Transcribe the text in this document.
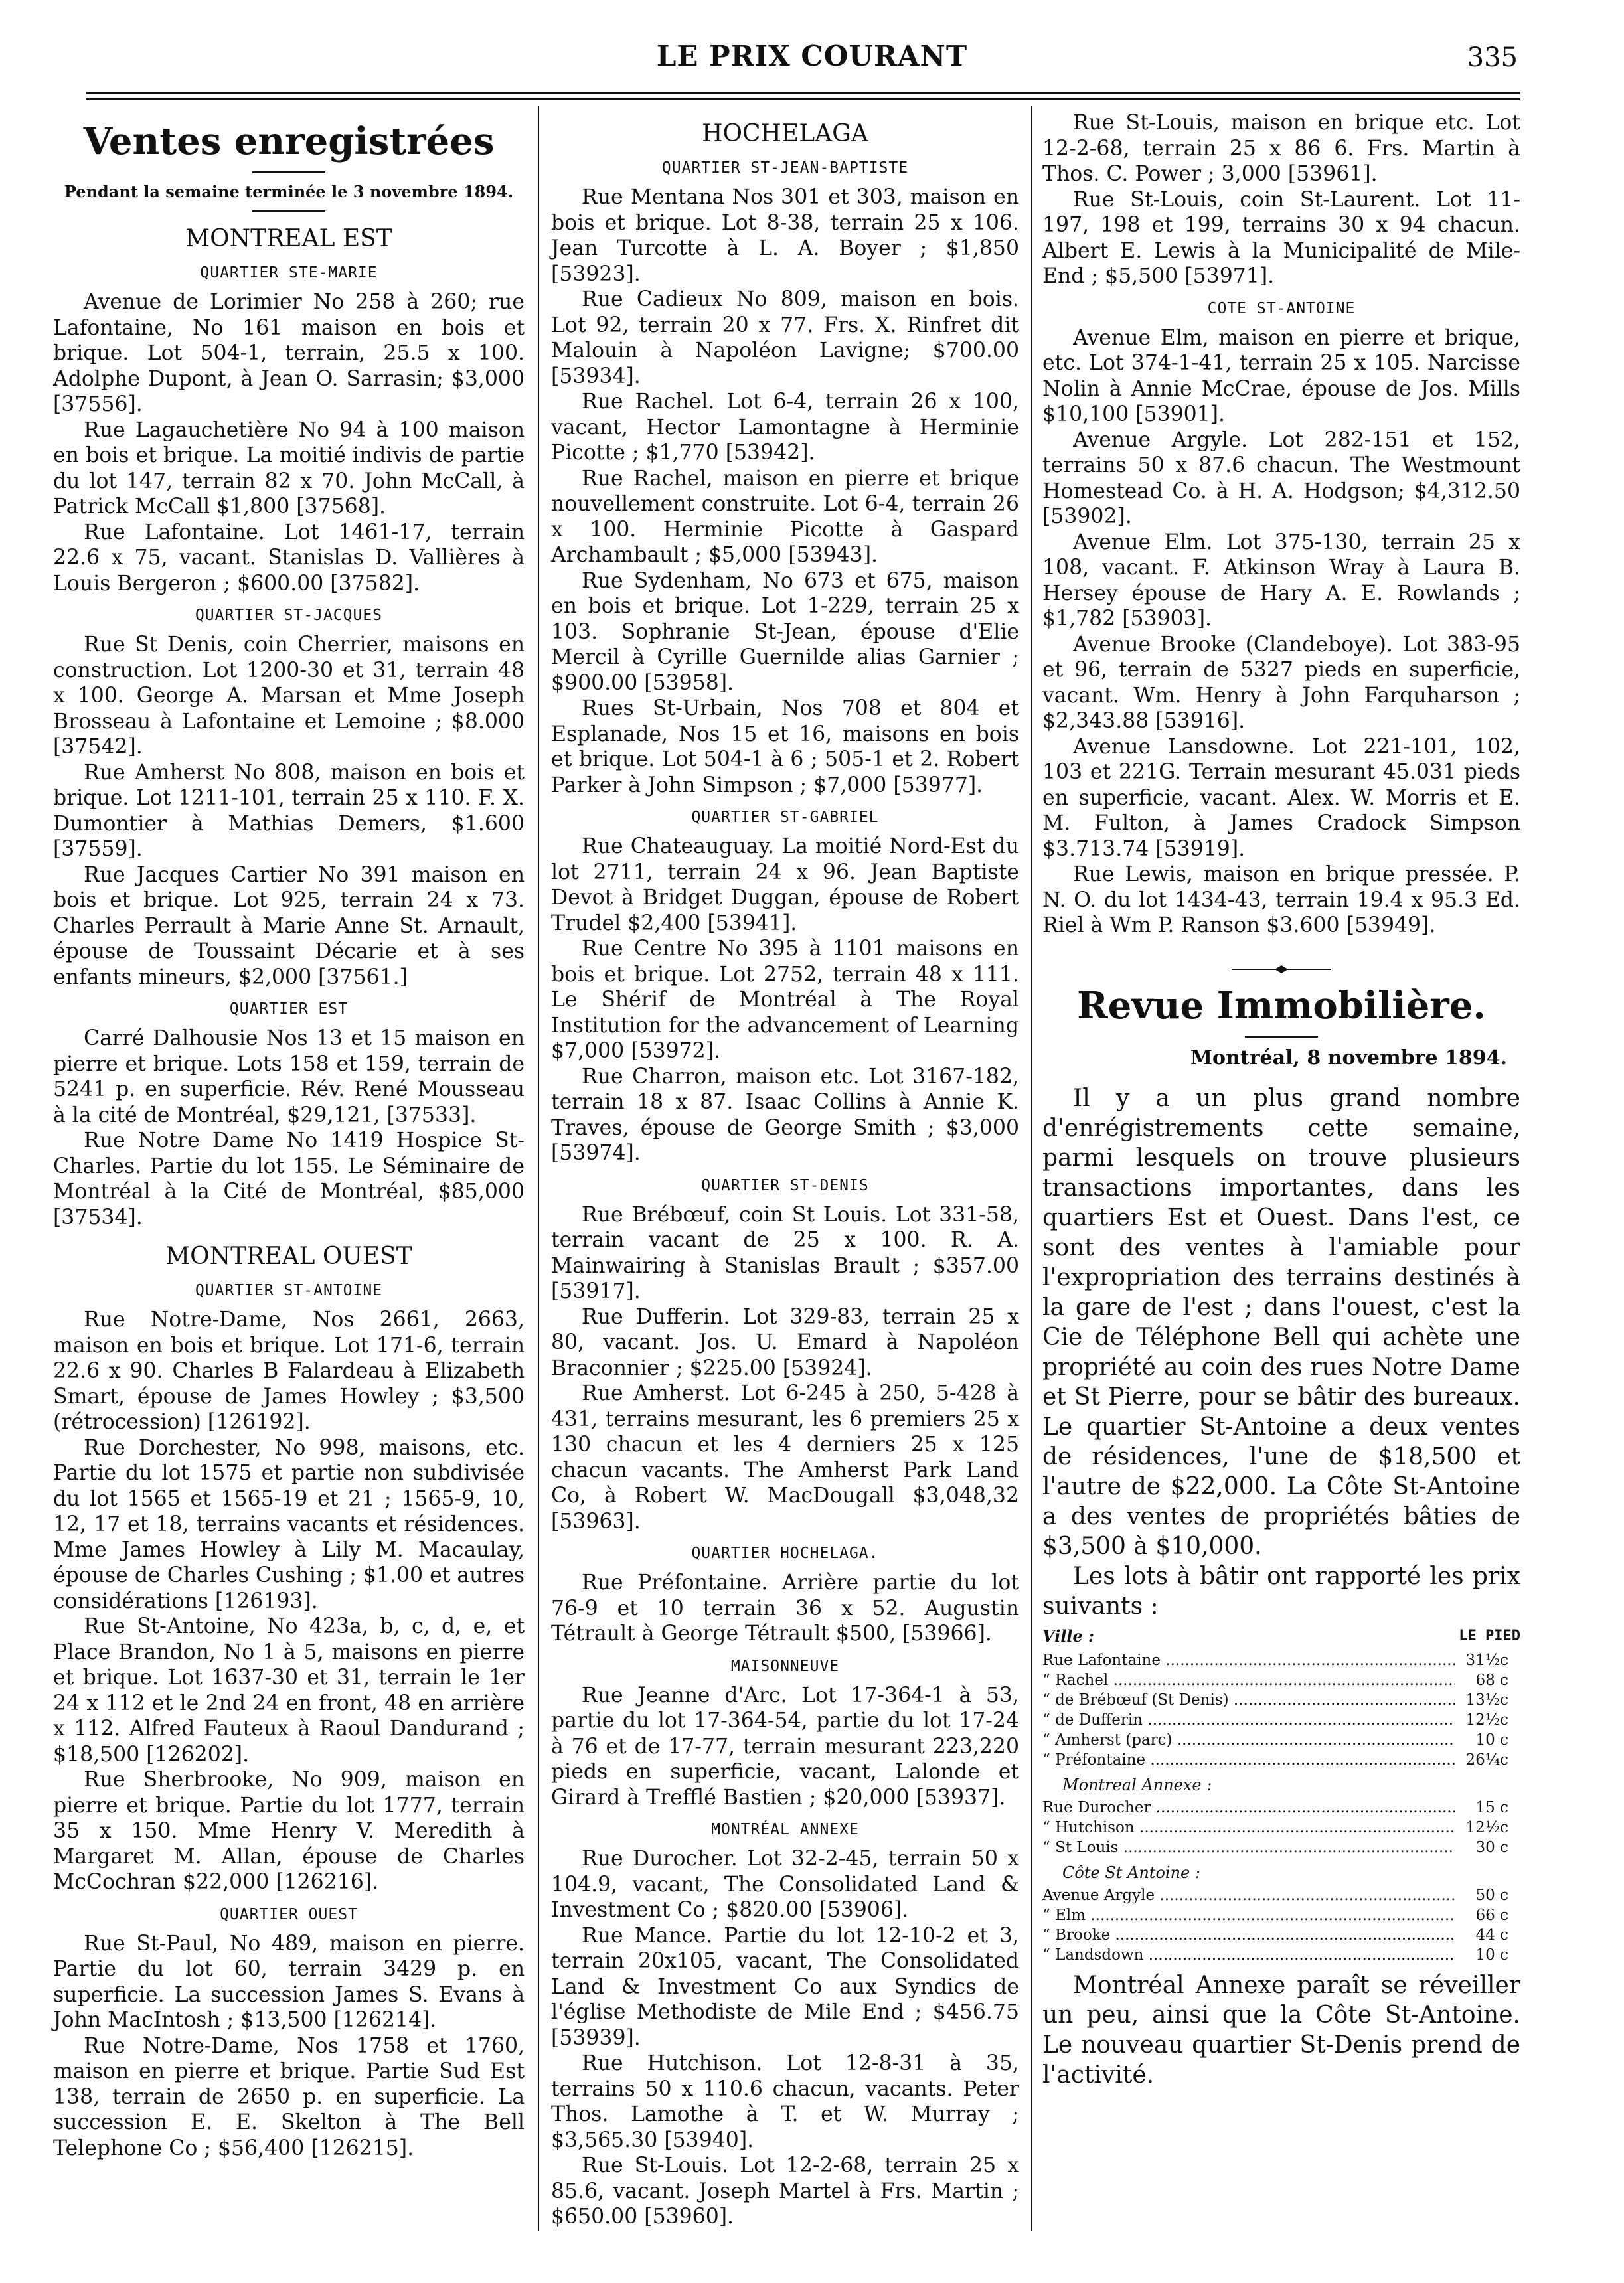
LE PRIX COURANT	335
Ventes enregistrées
Pendant la semaine terminée le 3 novembre 1894.
MONTREAL EST
QUARTIER STE-MARIE

Avenue de Lorimier No 258 à 260; rue Lafontaine, No 161 maison en bois et brique. Lot 504-1, terrain, 25.5 x 100. Adolphe Dupont, à Jean O. Sarrasin; $3,000 [37556].

Rue Lagauchetière No 94 à 100 maison en bois et brique. La moitié indivis de partie du lot 147, terrain 82 x 70. John McCall, à Patrick McCall $1,800 [37568].

Rue Lafontaine. Lot 1461-17, terrain 22.6 x 75, vacant. Stanislas D. Vallières à Louis Bergeron ; $600.00 [37582].

QUARTIER ST-JACQUES

Rue St Denis, coin Cherrier, maisons en construction. Lot 1200-30 et 31, terrain 48 x 100. George A. Marsan et Mme Joseph Brosseau à Lafontaine et Lemoine ; $8.000 [37542].

Rue Amherst No 808, maison en bois et brique. Lot 1211-101, terrain 25 x 110. F. X. Dumontier à Mathias Demers, $1.600 [37559].

Rue Jacques Cartier No 391 maison en bois et brique. Lot 925, terrain 24 x 73. Charles Perrault à Marie Anne St. Arnault, épouse de Toussaint Décarie et à ses enfants mineurs, $2,000 [37561.]

QUARTIER EST

Carré Dalhousie Nos 13 et 15 maison en pierre et brique. Lots 158 et 159, terrain de 5241 p. en superficie. Rév. René Mousseau à la cité de Montréal, $29,121, [37533].

Rue Notre Dame No 1419 Hospice St-Charles. Partie du lot 155. Le Séminaire de Montréal à la Cité de Montréal, $85,000 [37534].

MONTREAL OUEST
QUARTIER ST-ANTOINE

Rue Notre-Dame, Nos 2661, 2663, maison en bois et brique. Lot 171-6, terrain 22.6 x 90. Charles B Falardeau à Elizabeth Smart, épouse de James Howley ; $3,500 (rétrocession) [126192].

Rue Dorchester, No 998, maisons, etc. Partie du lot 1575 et partie non subdivisée du lot 1565 et 1565-19 et 21 ; 1565-9, 10, 12, 17 et 18, terrains vacants et résidences. Mme James Howley à Lily M. Macaulay, épouse de Charles Cushing ; $1.00 et autres considérations [126193].

Rue St-Antoine, No 423a, b, c, d, e, et Place Brandon, No 1 à 5, maisons en pierre et brique. Lot 1637-30 et 31, terrain le 1er 24 x 112 et le 2nd 24 en front, 48 en arrière x 112. Alfred Fauteux à Raoul Dandurand ; $18,500 [126202].

Rue Sherbrooke, No 909, maison en pierre et brique. Partie du lot 1777, terrain 35 x 150. Mme Henry V. Meredith à Margaret M. Allan, épouse de Charles McCochran $22,000 [126216].

QUARTIER OUEST

Rue St-Paul, No 489, maison en pierre. Partie du lot 60, terrain 3429 p. en superficie. La succession James S. Evans à John MacIntosh ; $13,500 [126214].

Rue Notre-Dame, Nos 1758 et 1760, maison en pierre et brique. Partie Sud Est 138, terrain de 2650 p. en superficie. La succession E. E. Skelton à The Bell Telephone Co ; $56,400 [126215].

HOCHELAGA
QUARTIER ST-JEAN-BAPTISTE

Rue Mentana Nos 301 et 303, maison en bois et brique. Lot 8-38, terrain 25 x 106. Jean Turcotte à L. A. Boyer ; $1,850 [53923].

Rue Cadieux No 809, maison en bois. Lot 92, terrain 20 x 77. Frs. X. Rinfret dit Malouin à Napoléon Lavigne; $700.00 [53934].

Rue Rachel. Lot 6-4, terrain 26 x 100, vacant, Hector Lamontagne à Herminie Picotte ; $1,770 [53942].

Rue Rachel, maison en pierre et brique nouvellement construite. Lot 6-4, terrain 26 x 100. Herminie Picotte à Gaspard Archambault ; $5,000 [53943].

Rue Sydenham, No 673 et 675, maison en bois et brique. Lot 1-229, terrain 25 x 103. Sophranie St-Jean, épouse d'Elie Mercil à Cyrille Guernilde alias Garnier ; $900.00 [53958].

Rues St-Urbain, Nos 708 et 804 et Esplanade, Nos 15 et 16, maisons en bois et brique. Lot 504-1 à 6 ; 505-1 et 2. Robert Parker à John Simpson ; $7,000 [53977].

QUARTIER ST-GABRIEL

Rue Chateauguay. La moitié Nord-Est du lot 2711, terrain 24 x 96. Jean Baptiste Devot à Bridget Duggan, épouse de Robert Trudel $2,400 [53941].

Rue Centre No 395 à 1101 maisons en bois et brique. Lot 2752, terrain 48 x 111. Le Shérif de Montréal à The Royal Institution for the advancement of Learning $7,000 [53972].

Rue Charron, maison etc. Lot 3167-182, terrain 18 x 87. Isaac Collins à Annie K. Traves, épouse de George Smith ; $3,000 [53974].

QUARTIER ST-DENIS

Rue Brébœuf, coin St Louis. Lot 331-58, terrain vacant de 25 x 100. R. A. Mainwairing à Stanislas Brault ; $357.00 [53917].

Rue Dufferin. Lot 329-83, terrain 25 x 80, vacant. Jos. U. Emard à Napoléon Braconnier ; $225.00 [53924].

Rue Amherst. Lot 6-245 à 250, 5-428 à 431, terrains mesurant, les 6 premiers 25 x 130 chacun et les 4 derniers 25 x 125 chacun vacants. The Amherst Park Land Co, à Robert W. MacDougall $3,048,32 [53963].

QUARTIER HOCHELAGA.

Rue Préfontaine. Arrière partie du lot 76-9 et 10 terrain 36 x 52. Augustin Tétrault à George Tétrault $500, [53966].

MAISONNEUVE

Rue Jeanne d'Arc. Lot 17-364-1 à 53, partie du lot 17-364-54, partie du lot 17-24 à 76 et de 17-77, terrain mesurant 223,220 pieds en superficie, vacant, Lalonde et Girard à Trefflé Bastien ; $20,000 [53937].

MONTRÉAL ANNEXE

Rue Durocher. Lot 32-2-45, terrain 50 x 104.9, vacant, The Consolidated Land & Investment Co ; $820.00 [53906].

Rue Mance. Partie du lot 12-10-2 et 3, terrain 20x105, vacant, The Consolidated Land & Investment Co aux Syndics de l'église Methodiste de Mile End ; $456.75 [53939].

Rue Hutchison. Lot 12-8-31 à 35, terrains 50 x 110.6 chacun, vacants. Peter Thos. Lamothe à T. et W. Murray ; $3,565.30 [53940].

Rue St-Louis. Lot 12-2-68, terrain 25 x 85.6, vacant. Joseph Martel à Frs. Martin ; $650.00 [53960].

Rue St-Louis, maison en brique etc. Lot 12-2-68, terrain 25 x 86 6. Frs. Martin à Thos. C. Power ; 3,000 [53961].

Rue St-Louis, coin St-Laurent. Lot 11-197, 198 et 199, terrains 30 x 94 chacun. Albert E. Lewis à la Municipalité de Mile-End ; $5,500 [53971].

COTE ST-ANTOINE

Avenue Elm, maison en pierre et brique, etc. Lot 374-1-41, terrain 25 x 105. Narcisse Nolin à Annie McCrae, épouse de Jos. Mills $10,100 [53901].

Avenue Argyle. Lot 282-151 et 152, terrains 50 x 87.6 chacun. The Westmount Homestead Co. à H. A. Hodgson; $4,312.50 [53902].

Avenue Elm. Lot 375-130, terrain 25 x 108, vacant. F. Atkinson Wray à Laura B. Hersey épouse de Hary A. E. Rowlands ; $1,782 [53903].

Avenue Brooke (Clandeboye). Lot 383-95 et 96, terrain de 5327 pieds en superficie, vacant. Wm. Henry à John Farquharson ; $2,343.88 [53916].

Avenue Lansdowne. Lot 221-101, 102, 103 et 221G. Terrain mesurant 45.031 pieds en superficie, vacant. Alex. W. Morris et E. M. Fulton, à James Cradock Simpson $3.713.74 [53919].

Rue Lewis, maison en brique pressée. P. N. O. du lot 1434-43, terrain 19.4 x 95.3 Ed. Riel à Wm P. Ranson $3.600 [53949].

Revue Immobilière.
Montréal, 8 novembre 1894.

Il y a un plus grand nombre d'enrégistrements cette semaine, parmi lesquels on trouve plusieurs transactions importantes, dans les quartiers Est et Ouest. Dans l'est, ce sont des ventes à l'amiable pour l'expropriation des terrains destinés à la gare de l'est ; dans l'ouest, c'est la Cie de Téléphone Bell qui achète une propriété au coin des rues Notre Dame et St Pierre, pour se bâtir des bureaux. Le quartier St-Antoine a deux ventes de résidences, l'une de $18,500 et l'autre de $22,000. La Côte St-Antoine a des ventes de propriétés bâties de $3,500 à $10,000.

Les lots à bâtir ont rapporté les prix suivants :

Ville :	LE PIED
Rue Lafontaine .....	31½c
“ Rachel .....	68 c
“ de Brébœuf (St Denis) .....	13½c
“ de Dufferin .....	12½c
“ Amherst (parc) .....	10 c
“ Préfontaine .....	26¼c
Montreal Annexe :
Rue Durocher .....	15 c
“ Hutchison .....	12½c
“ St Louis .....	30 c
Côte St Antoine :
Avenue Argyle .....	50 c
“ Elm .....	66 c
“ Brooke .....	44 c
“ Landsdown .....	10 c

Montréal Annexe paraît se réveiller un peu, ainsi que la Côte St-Antoine. Le nouveau quartier St-Denis prend de l'activité.
